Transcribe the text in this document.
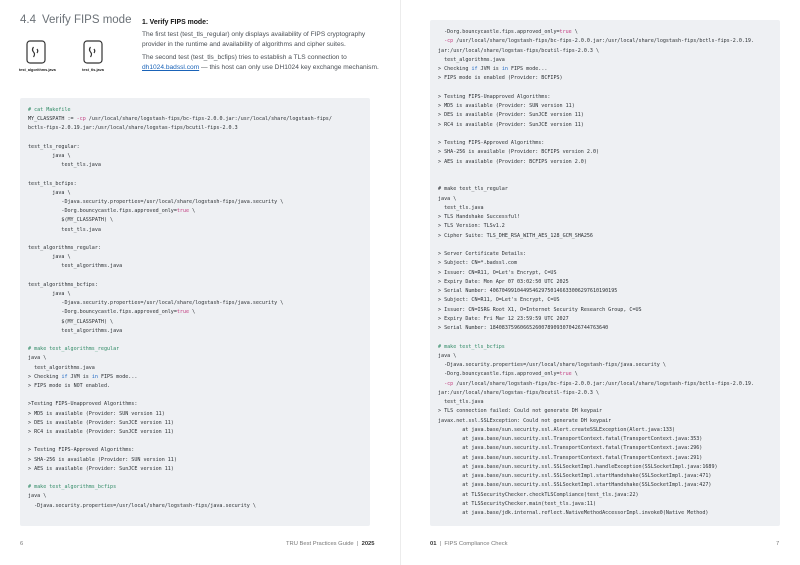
4.4 Verify FIPS mode
test_algorithms.java	test_tls.java
1. Verify FIPS mode:

The first test (test_tls_regular) only displays availability of FIPS cryptography provider in the runtime and availability of algorithms and cipher suites.

The second test (test_tls_bcfips) tries to establish a TLS connection to dh1024.badssl.com — this host can only use DH1024 key exchange mechanism.

# cat Makefile
MY_CLASSPATH := -cp /usr/local/share/logstash-fips/bc-fips-2.0.0.jar:/usr/local/share/logstash-fips/
bctls-fips-2.0.19.jar:/usr/local/share/logstas-fips/bcutil-fips-2.0.3
test_tls_regular:
java \
test_tls.java
test_tls_bcfips:
java \
-Djava.security.properties=/usr/local/share/logstash-fips/java.security \
-Dorg.bouncycastle.fips.approved_only=true \
$(MY_CLASSPATH) \
test_tls.java
test_algorithms_regular:
java \
test_algorithms.java
test_algorithms_bcfips:
java \
-Djava.security.properties=/usr/local/share/logstash-fips/java.security \
-Dorg.bouncycastle.fips.approved_only=true \
$(MY_CLASSPATH) \
test_algorithms.java
# make test_algorithms_regular
java \
test_algorithms.java
> Checking if JVM is in FIPS mode...
> FIPS mode is NOT enabled.
>Testing FIPS-Unapproved Algorithms:
> MD5 is available (Provider: SUN version 11)
> DES is available (Provider: SunJCE version 11)
> RC4 is available (Provider: SunJCE version 11)
> Testing FIPS-Approved Algorithms:
> SHA-256 is available (Provider: SUN version 11)
> AES is available (Provider: SunJCE version 11)
# make test_algorithms_bcfips
java \
-Djava.security.properties=/usr/local/share/logstash-fips/java.security \
6	TRU Best Practices Guide  |  2025
-Dorg.bouncycastle.fips.approved_only=true \
-cp /usr/local/share/logstash-fips/bc-fips-2.0.0.jar:/usr/local/share/logstash-fips/bctls-fips-2.0.19.
jar:/usr/local/share/logstas-fips/bcutil-fips-2.0.3 \
test_algorithms.java
> Checking if JVM is in FIPS mode...
> FIPS mode is enabled (Provider: BCFIPS)
> Testing FIPS-Unapproved Algorithms:
> MD5 is available (Provider: SUN version 11)
> DES is available (Provider: SunJCE version 11)
> RC4 is available (Provider: SunJCE version 11)
> Testing FIPS-Approved Algorithms:
> SHA-256 is available (Provider: BCFIPS version 2.0)
> AES is available (Provider: BCFIPS version 2.0)
# make test_tls_regular
java \
test_tls.java
> TLS Handshake Successful!
> TLS Version: TLSv1.2
> Cipher Suite: TLS_DHE_RSA_WITH_AES_128_GCM_SHA256
> Server Certificate Details:
> Subject: CN=*.badssl.com
> Issuer: CN=R11, O=Let's Encrypt, C=US
> Expiry Date: Mon Apr 07 03:02:50 UTC 2025
> Serial Number: 406704991044954629750146633006297610190195
> Subject: CN=R11, O=Let's Encrypt, C=US
> Issuer: CN=ISRG Root X1, O=Internet Security Research Group, C=US
> Expiry Date: Fri Mar 12 23:59:59 UTC 2027
> Serial Number: 184083759606652600789093070426744763640
# make test_tls_bcfips
java \
-Djava.security.properties=/usr/local/share/logstash-fips/java.security \
-Dorg.bouncycastle.fips.approved_only=true \
-cp /usr/local/share/logstash-fips/bc-fips-2.0.0.jar:/usr/local/share/logstash-fips/bctls-fips-2.0.19.
jar:/usr/local/share/logstas-fips/bcutil-fips-2.0.3 \
test_tls.java
> TLS connection failed: Could not generate DH keypair
javax.net.ssl.SSLException: Could not generate DH keypair
at java.base/sun.security.ssl.Alert.createSSLException(Alert.java:133)
at java.base/sun.security.ssl.TransportContext.fatal(TransportContext.java:353)
at java.base/sun.security.ssl.TransportContext.fatal(TransportContext.java:296)
at java.base/sun.security.ssl.TransportContext.fatal(TransportContext.java:291)
at java.base/sun.security.ssl.SSLSocketImpl.handleException(SSLSocketImpl.java:1689)
at java.base/sun.security.ssl.SSLSocketImpl.startHandshake(SSLSocketImpl.java:471)
at java.base/sun.security.ssl.SSLSocketImpl.startHandshake(SSLSocketImpl.java:427)
at TLSSecurityChecker.checkTLSCompliance(test_tls.java:22)
at TLSSecurityChecker.main(test_tls.java:11)
at java.base/jdk.internal.reflect.NativeMethodAccessorImpl.invoke0(Native Method)
01  |  FIPS Compliance Check	7
